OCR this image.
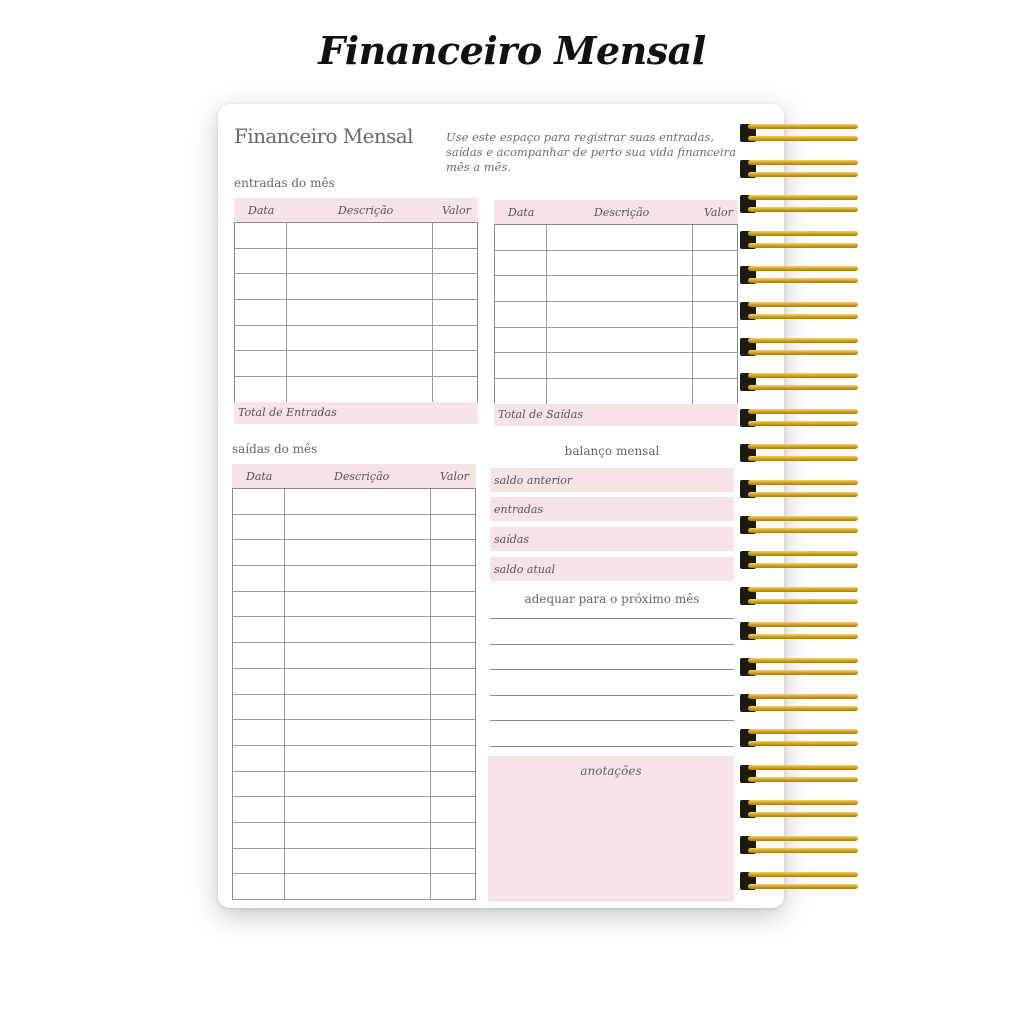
Financeiro Mensal
Financeiro Mensal	Use este espaço para registrar suas entradas, saídas e acompanhar de perto sua vida financeira mês a mês.
entradas do mês
Data	Descrição	Valor
Total de Entradas
Data	Descrição	Valor
Total de Saídas
saídas do mês
Data	Descrição	Valor
balanço mensal
saldo anterior
entradas
saídas
saldo atual
adequar para o próximo mês
anotações
